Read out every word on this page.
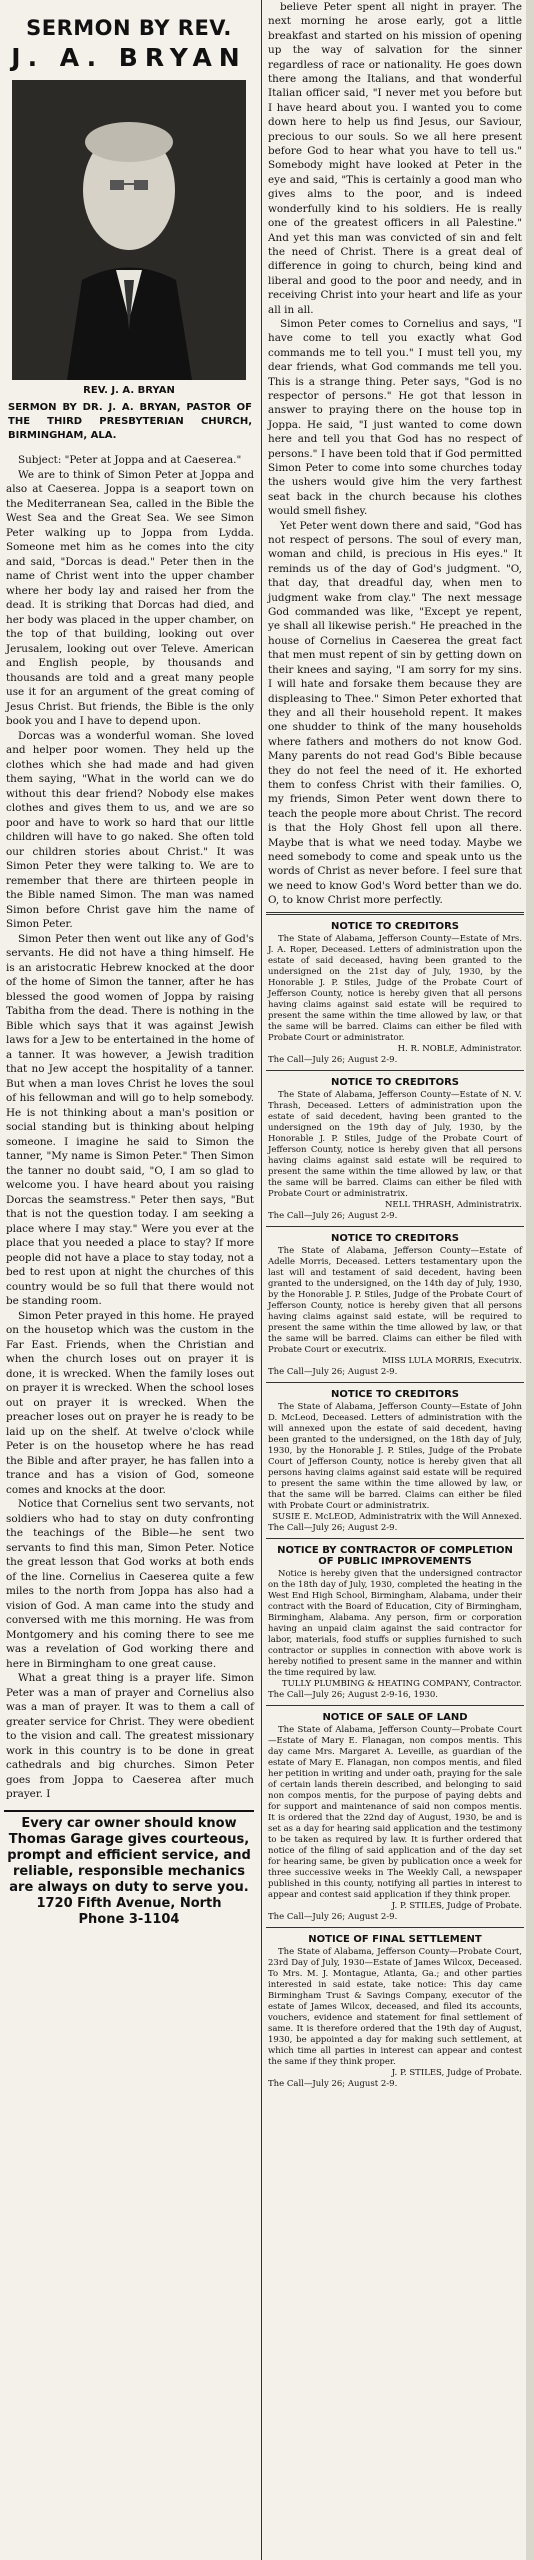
SERMON BY REV.
J. A. BRYAN
REV. J. A. BRYAN
SERMON BY DR. J. A. BRYAN, PASTOR OF THE THIRD PRESBYTERIAN CHURCH, BIRMINGHAM, ALA.

Subject: "Peter at Joppa and at Caeserea."

We are to think of Simon Peter at Joppa and also at Caeserea. Joppa is a seaport town on the Mediterranean Sea, called in the Bible the West Sea and the Great Sea. We see Simon Peter walking up to Joppa from Lydda. Someone met him as he comes into the city and said, "Dorcas is dead." Peter then in the name of Christ went into the upper chamber where her body lay and raised her from the dead. It is striking that Dorcas had died, and her body was placed in the upper chamber, on the top of that building, looking out over Jerusalem, looking out over Televe. American and English people, by thousands and thousands are told and a great many people use it for an argument of the great coming of Jesus Christ. But friends, the Bible is the only book you and I have to depend upon.

Dorcas was a wonderful woman. She loved and helper poor women. They held up the clothes which she had made and had given them saying, "What in the world can we do without this dear friend? Nobody else makes clothes and gives them to us, and we are so poor and have to work so hard that our little children will have to go naked. She often told our children stories about Christ." It was Simon Peter they were talking to. We are to remember that there are thirteen people in the Bible named Simon. The man was named Simon before Christ gave him the name of Simon Peter.

Simon Peter then went out like any of God's servants. He did not have a thing himself. He is an aristocratic Hebrew knocked at the door of the home of Simon the tanner, after he has blessed the good women of Joppa by raising Tabitha from the dead. There is nothing in the Bible which says that it was against Jewish laws for a Jew to be entertained in the home of a tanner. It was however, a Jewish tradition that no Jew accept the hospitality of a tanner. But when a man loves Christ he loves the soul of his fellowman and will go to help somebody. He is not thinking about a man's position or social standing but is thinking about helping someone. I imagine he said to Simon the tanner, "My name is Simon Peter." Then Simon the tanner no doubt said, "O, I am so glad to welcome you. I have heard about you raising Dorcas the seamstress." Peter then says, "But that is not the question today. I am seeking a place where I may stay." Were you ever at the place that you needed a place to stay? If more people did not have a place to stay today, not a bed to rest upon at night the churches of this country would be so full that there would not be standing room.

Simon Peter prayed in this home. He prayed on the housetop which was the custom in the Far East. Friends, when the Christian and when the church loses out on prayer it is done, it is wrecked. When the family loses out on prayer it is wrecked. When the school loses out on prayer it is wrecked. When the preacher loses out on prayer he is ready to be laid up on the shelf. At twelve o'clock while Peter is on the housetop where he has read the Bible and after prayer, he has fallen into a trance and has a vision of God, someone comes and knocks at the door.

Notice that Cornelius sent two servants, not soldiers who had to stay on duty confronting the teachings of the Bible—he sent two servants to find this man, Simon Peter. Notice the great lesson that God works at both ends of the line. Cornelius in Caeserea quite a few miles to the north from Joppa has also had a vision of God. A man came into the study and conversed with me this morning. He was from Montgomery and his coming there to see me was a revelation of God working there and here in Birmingham to one great cause.

What a great thing is a prayer life. Simon Peter was a man of prayer and Cornelius also was a man of prayer. It was to them a call of greater service for Christ. They were obedient to the vision and call. The greatest missionary work in this country is to be done in great cathedrals and big churches. Simon Peter goes from Joppa to Caeserea after much prayer. I

Every car owner should know
Thomas Garage gives courteous,
prompt and efficient service, and
reliable, responsible mechanics
are always on duty to serve you.
1720 Fifth Avenue, North
Phone 3-1104

believe Peter spent all night in prayer. The next morning he arose early, got a little breakfast and started on his mission of opening up the way of salvation for the sinner regardless of race or nationality. He goes down there among the Italians, and that wonderful Italian officer said, "I never met you before but I have heard about you. I wanted you to come down here to help us find Jesus, our Saviour, precious to our souls. So we all here present before God to hear what you have to tell us." Somebody might have looked at Peter in the eye and said, "This is certainly a good man who gives alms to the poor, and is indeed wonderfully kind to his soldiers. He is really one of the greatest officers in all Palestine." And yet this man was convicted of sin and felt the need of Christ. There is a great deal of difference in going to church, being kind and liberal and good to the poor and needy, and in receiving Christ into your heart and life as your all in all.

Simon Peter comes to Cornelius and says, "I have come to tell you exactly what God commands me to tell you." I must tell you, my dear friends, what God commands me tell you. This is a strange thing. Peter says, "God is no respector of persons." He got that lesson in answer to praying there on the house top in Joppa. He said, "I just wanted to come down here and tell you that God has no respect of persons." I have been told that if God permitted Simon Peter to come into some churches today the ushers would give him the very farthest seat back in the church because his clothes would smell fishey.

Yet Peter went down there and said, "God has not respect of persons. The soul of every man, woman and child, is precious in His eyes." It reminds us of the day of God's judgment. "O, that day, that dreadful day, when men to judgment wake from clay." The next message God commanded was like, "Except ye repent, ye shall all likewise perish." He preached in the house of Cornelius in Caeserea the great fact that men must repent of sin by getting down on their knees and saying, "I am sorry for my sins. I will hate and forsake them because they are displeasing to Thee." Simon Peter exhorted that they and all their household repent. It makes one shudder to think of the many households where fathers and mothers do not know God. Many parents do not read God's Bible because they do not feel the need of it. He exhorted them to confess Christ with their families. O, my friends, Simon Peter went down there to teach the people more about Christ. The record is that the Holy Ghost fell upon all there. Maybe that is what we need today. Maybe we need somebody to come and speak unto us the words of Christ as never before. I feel sure that we need to know God's Word better than we do. O, to know Christ more perfectly.

NOTICE TO CREDITORS

The State of Alabama, Jefferson County—Estate of Mrs. J. A. Roper, Deceased. Letters of administration upon the estate of said deceased, having been granted to the undersigned on the 21st day of July, 1930, by the Honorable J. P. Stiles, Judge of the Probate Court of Jefferson County, notice is hereby given that all persons having claims against said estate will be required to present the same within the time allowed by law, or that the same will be barred. Claims can either be filed with Probate Court or administrator.

H. R. NOBLE, Administrator.
The Call—July 26; August 2-9.
NOTICE TO CREDITORS

The State of Alabama, Jefferson County—Estate of N. V. Thrash, Deceased. Letters of administration upon the estate of said decedent, having been granted to the undersigned on the 19th day of July, 1930, by the Honorable J. P. Stiles, Judge of the Probate Court of Jefferson County, notice is hereby given that all persons having claims against said estate will be required to present the same within the time allowed by law, or that the same will be barred. Claims can either be filed with Probate Court or administratrix.

NELL THRASH, Administratrix.
The Call—July 26; August 2-9.
NOTICE TO CREDITORS

The State of Alabama, Jefferson County—Estate of Adelle Morris, Deceased. Letters testamentary upon the last will and testament of said decedent, having been granted to the undersigned, on the 14th day of July, 1930, by the Honorable J. P. Stiles, Judge of the Probate Court of Jefferson County, notice is hereby given that all persons having claims against said estate, will be required to present the same within the time allowed by law, or that the same will be barred. Claims can either be filed with Probate Court or executrix.

MISS LULA MORRIS, Executrix.
The Call—July 26; August 2-9.
NOTICE TO CREDITORS

The State of Alabama, Jefferson County—Estate of John D. McLeod, Deceased. Letters of administration with the will annexed upon the estate of said decedent, having been granted to the undersigned, on the 18th day of July, 1930, by the Honorable J. P. Stiles, Judge of the Probate Court of Jefferson County, notice is hereby given that all persons having claims against said estate will be required to present the same within the time allowed by law, or that the same will be barred. Claims can either be filed with Probate Court or administratrix.

SUSIE E. McLEOD, Administratrix with the Will Annexed.
The Call—July 26; August 2-9.
NOTICE BY CONTRACTOR OF COMPLETION OF PUBLIC IMPROVEMENTS

Notice is hereby given that the undersigned contractor on the 18th day of July, 1930, completed the heating in the West End High School, Birmingham, Alabama, under their contract with the Board of Education, City of Birmingham, Birmingham, Alabama. Any person, firm or corporation having an unpaid claim against the said contractor for labor, materials, food stuffs or supplies furnished to such contractor or supplies in connection with above work is hereby notified to present same in the manner and within the time required by law.

TULLY PLUMBING & HEATING COMPANY, Contractor.
The Call—July 26; August 2-9-16, 1930.
NOTICE OF SALE OF LAND

The State of Alabama, Jefferson County—Probate Court—Estate of Mary E. Flanagan, non compos mentis. This day came Mrs. Margaret A. Leveille, as guardian of the estate of Mary E. Flanagan, non compos mentis, and filed her petition in writing and under oath, praying for the sale of certain lands therein described, and belonging to said non compos mentis, for the purpose of paying debts and for support and maintenance of said non compos mentis. It is ordered that the 22nd day of August, 1930, be and is set as a day for hearing said application and the testimony to be taken as required by law. It is further ordered that notice of the filing of said application and of the day set for hearing same, be given by publication once a week for three successive weeks in The Weekly Call, a newspaper published in this county, notifying all parties in interest to appear and contest said application if they think proper.

J. P. STILES, Judge of Probate.
The Call—July 26; August 2-9.
NOTICE OF FINAL SETTLEMENT

The State of Alabama, Jefferson County—Probate Court, 23rd Day of July, 1930—Estate of James Wilcox, Deceased. To Mrs. M. J. Montague, Atlanta, Ga.; and other parties interested in said estate, take notice: This day came Birmingham Trust & Savings Company, executor of the estate of James Wilcox, deceased, and filed its accounts, vouchers, evidence and statement for final settlement of same. It is therefore ordered that the 19th day of August, 1930, be appointed a day for making such settlement, at which time all parties in interest can appear and contest the same if they think proper.

J. P. STILES, Judge of Probate.
The Call—July 26; August 2-9.
